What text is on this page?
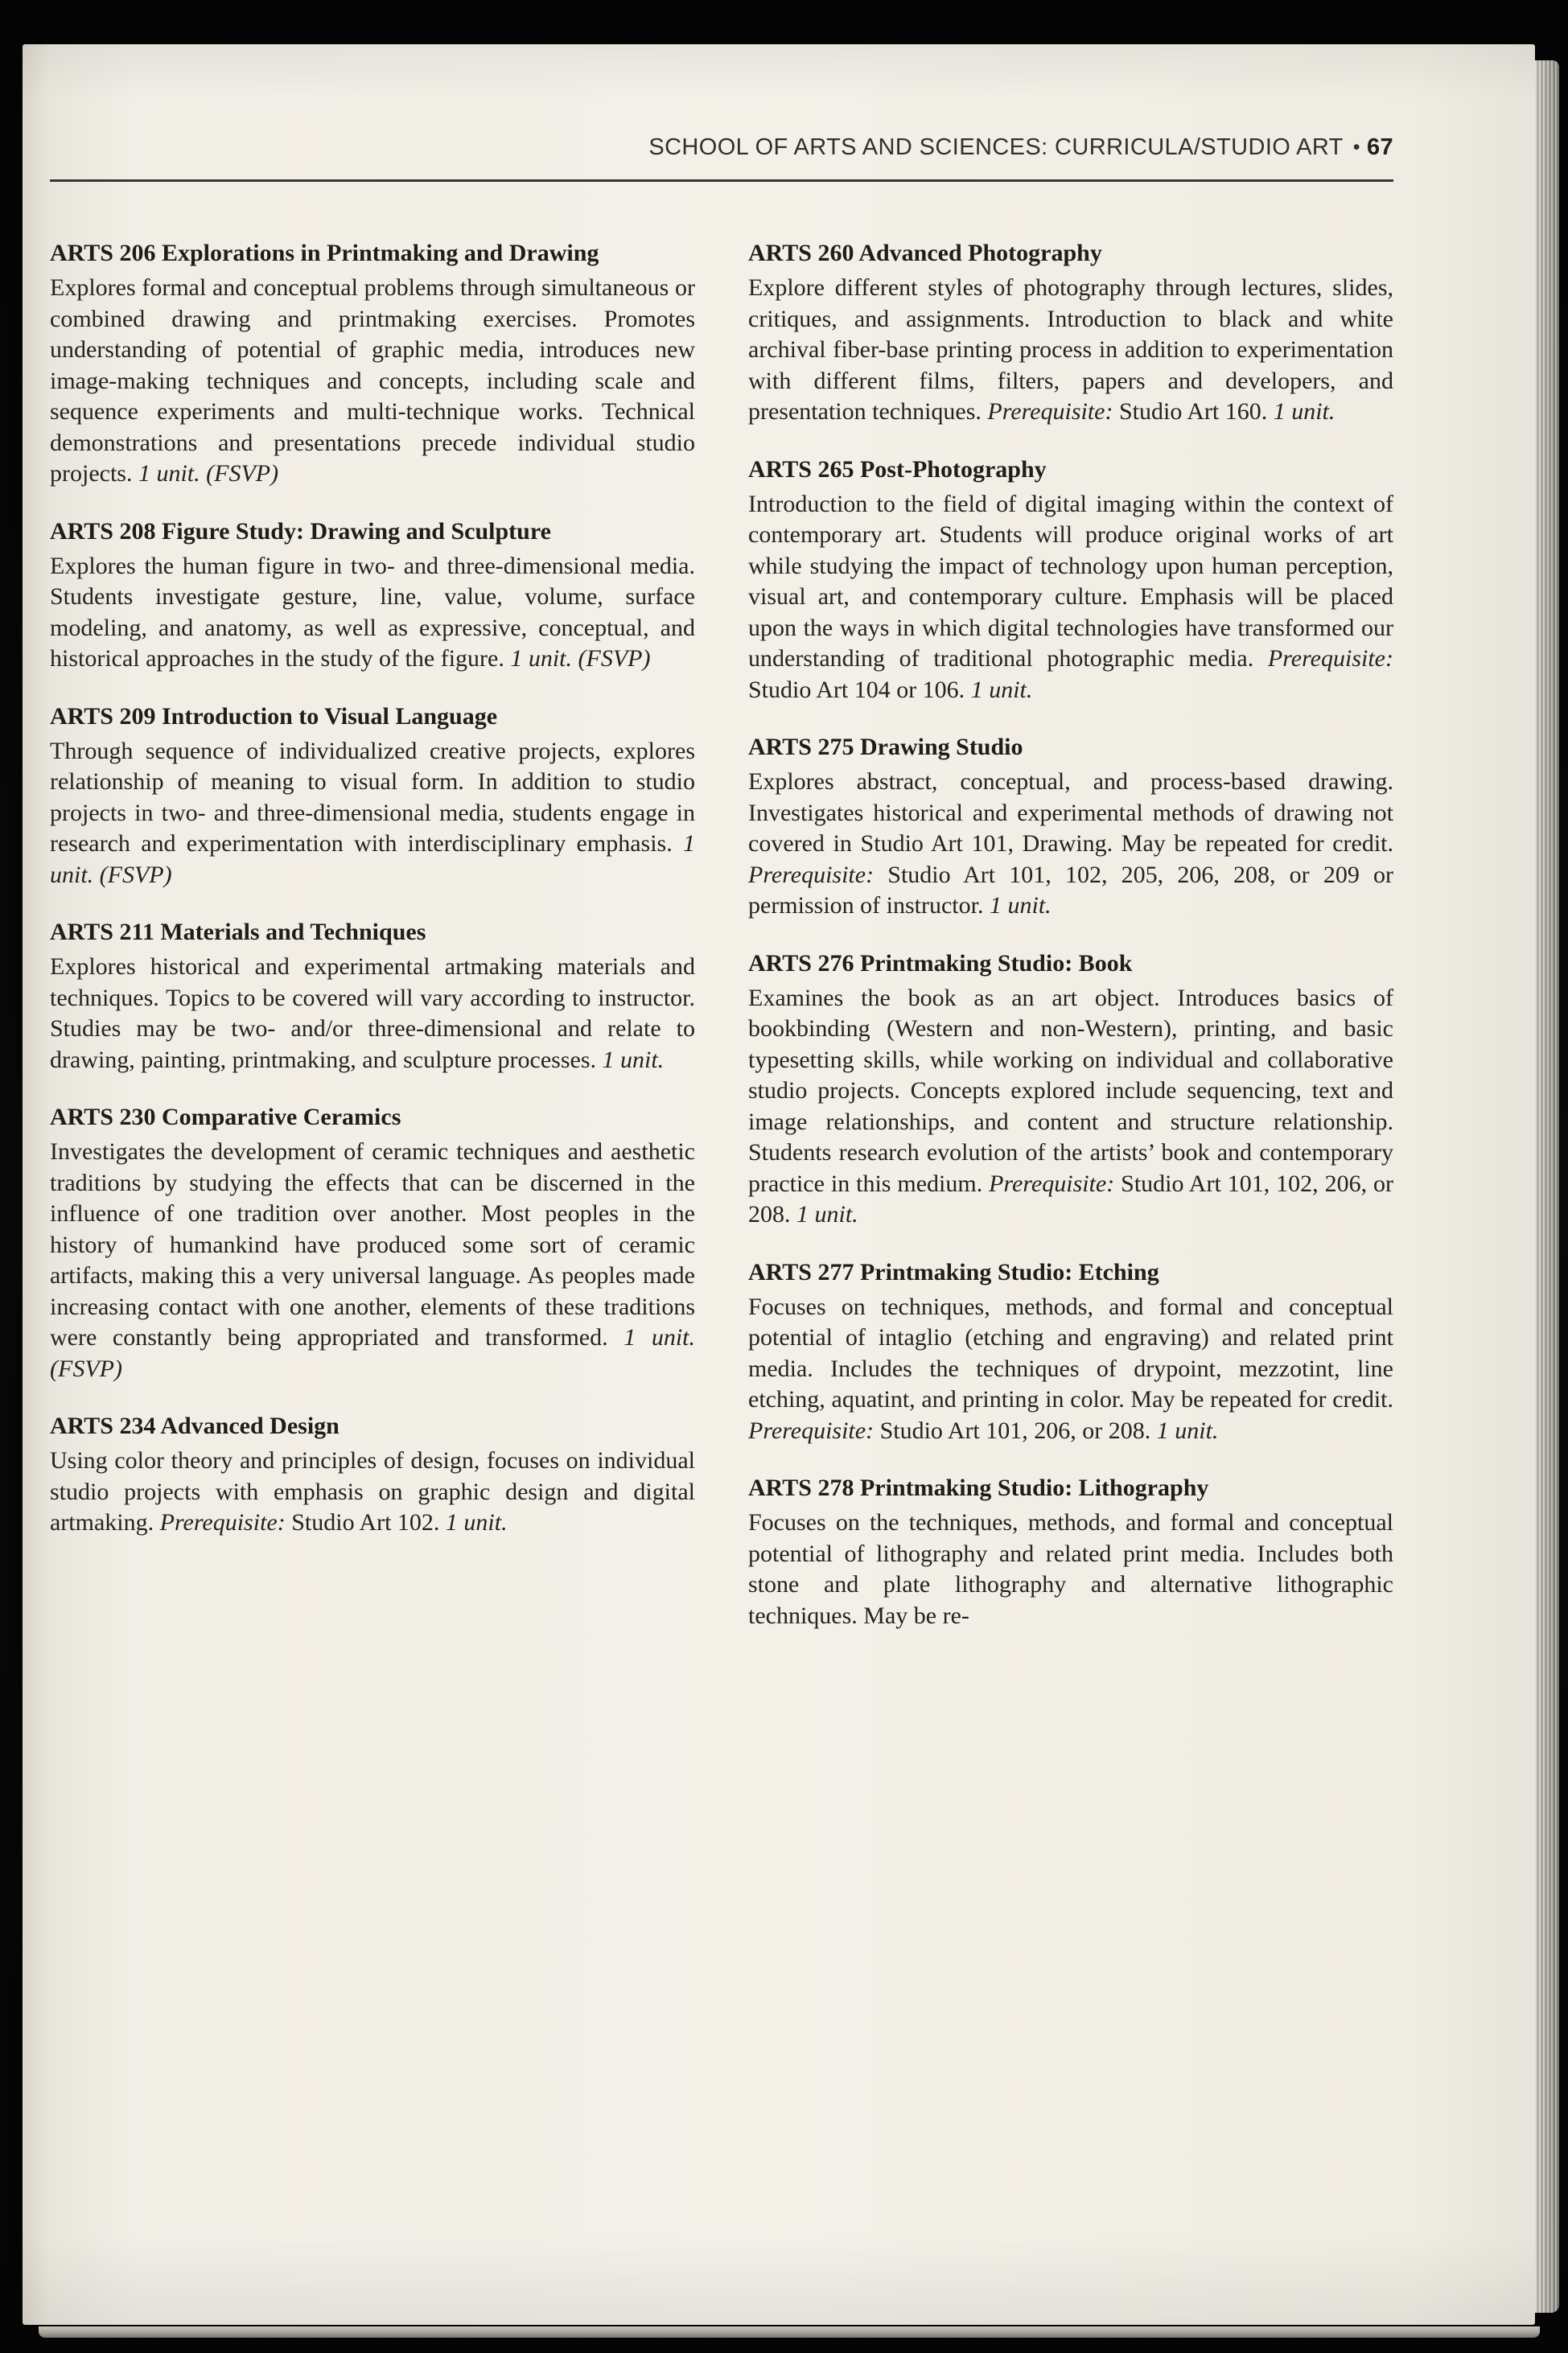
SCHOOL OF ARTS AND SCIENCES: CURRICULA/STUDIO ART • 67
ARTS 206 Explorations in Printmaking and Drawing

Explores formal and conceptual problems through simultaneous or combined drawing and printmaking exercises. Promotes understanding of potential of graphic media, introduces new image-making techniques and concepts, including scale and sequence experiments and multi-technique works. Technical demonstrations and presentations precede individual studio projects. 1 unit. (FSVP)

ARTS 208 Figure Study: Drawing and Sculpture

Explores the human figure in two- and three-dimensional media. Students investigate gesture, line, value, volume, surface modeling, and anatomy, as well as expressive, conceptual, and historical approaches in the study of the figure. 1 unit. (FSVP)

ARTS 209 Introduction to Visual Language

Through sequence of individualized creative projects, explores relationship of meaning to visual form. In addition to studio projects in two- and three-dimensional media, students engage in research and experimentation with interdisciplinary emphasis. 1 unit. (FSVP)

ARTS 211 Materials and Techniques

Explores historical and experimental artmaking materials and techniques. Topics to be covered will vary according to instructor. Studies may be two- and/or three-dimensional and relate to drawing, painting, printmaking, and sculpture processes. 1 unit.

ARTS 230 Comparative Ceramics

Investigates the development of ceramic techniques and aesthetic traditions by studying the effects that can be discerned in the influence of one tradition over another. Most peoples in the history of humankind have produced some sort of ceramic artifacts, making this a very universal language. As peoples made increasing contact with one another, elements of these traditions were constantly being appropriated and transformed. 1 unit. (FSVP)

ARTS 234 Advanced Design

Using color theory and principles of design, focuses on individual studio projects with emphasis on graphic design and digital artmaking. Prerequisite: Studio Art 102. 1 unit.

ARTS 260 Advanced Photography

Explore different styles of photography through lectures, slides, critiques, and assignments. Introduction to black and white archival fiber-base printing process in addition to experimentation with different films, filters, papers and developers, and presentation techniques. Prerequisite: Studio Art 160. 1 unit.

ARTS 265 Post-Photography

Introduction to the field of digital imaging within the context of contemporary art. Students will produce original works of art while studying the impact of technology upon human perception, visual art, and contemporary culture. Emphasis will be placed upon the ways in which digital technologies have transformed our understanding of traditional photographic media. Prerequisite: Studio Art 104 or 106. 1 unit.

ARTS 275 Drawing Studio

Explores abstract, conceptual, and process-based drawing. Investigates historical and experimental methods of drawing not covered in Studio Art 101, Drawing. May be repeated for credit. Prerequisite: Studio Art 101, 102, 205, 206, 208, or 209 or permission of instructor. 1 unit.

ARTS 276 Printmaking Studio: Book

Examines the book as an art object. Introduces basics of bookbinding (Western and non-Western), printing, and basic typesetting skills, while working on individual and collaborative studio projects. Concepts explored include sequencing, text and image relationships, and content and structure relationship. Students research evolution of the artists’ book and contemporary practice in this medium. Prerequisite: Studio Art 101, 102, 206, or 208. 1 unit.

ARTS 277 Printmaking Studio: Etching

Focuses on techniques, methods, and formal and conceptual potential of intaglio (etching and engraving) and related print media. Includes the techniques of drypoint, mezzotint, line etching, aquatint, and printing in color. May be repeated for credit. Prerequisite: Studio Art 101, 206, or 208. 1 unit.

ARTS 278 Printmaking Studio: Lithography

Focuses on the techniques, methods, and formal and conceptual potential of lithography and related print media. Includes both stone and plate lithography and alternative lithographic techniques. May be re-
